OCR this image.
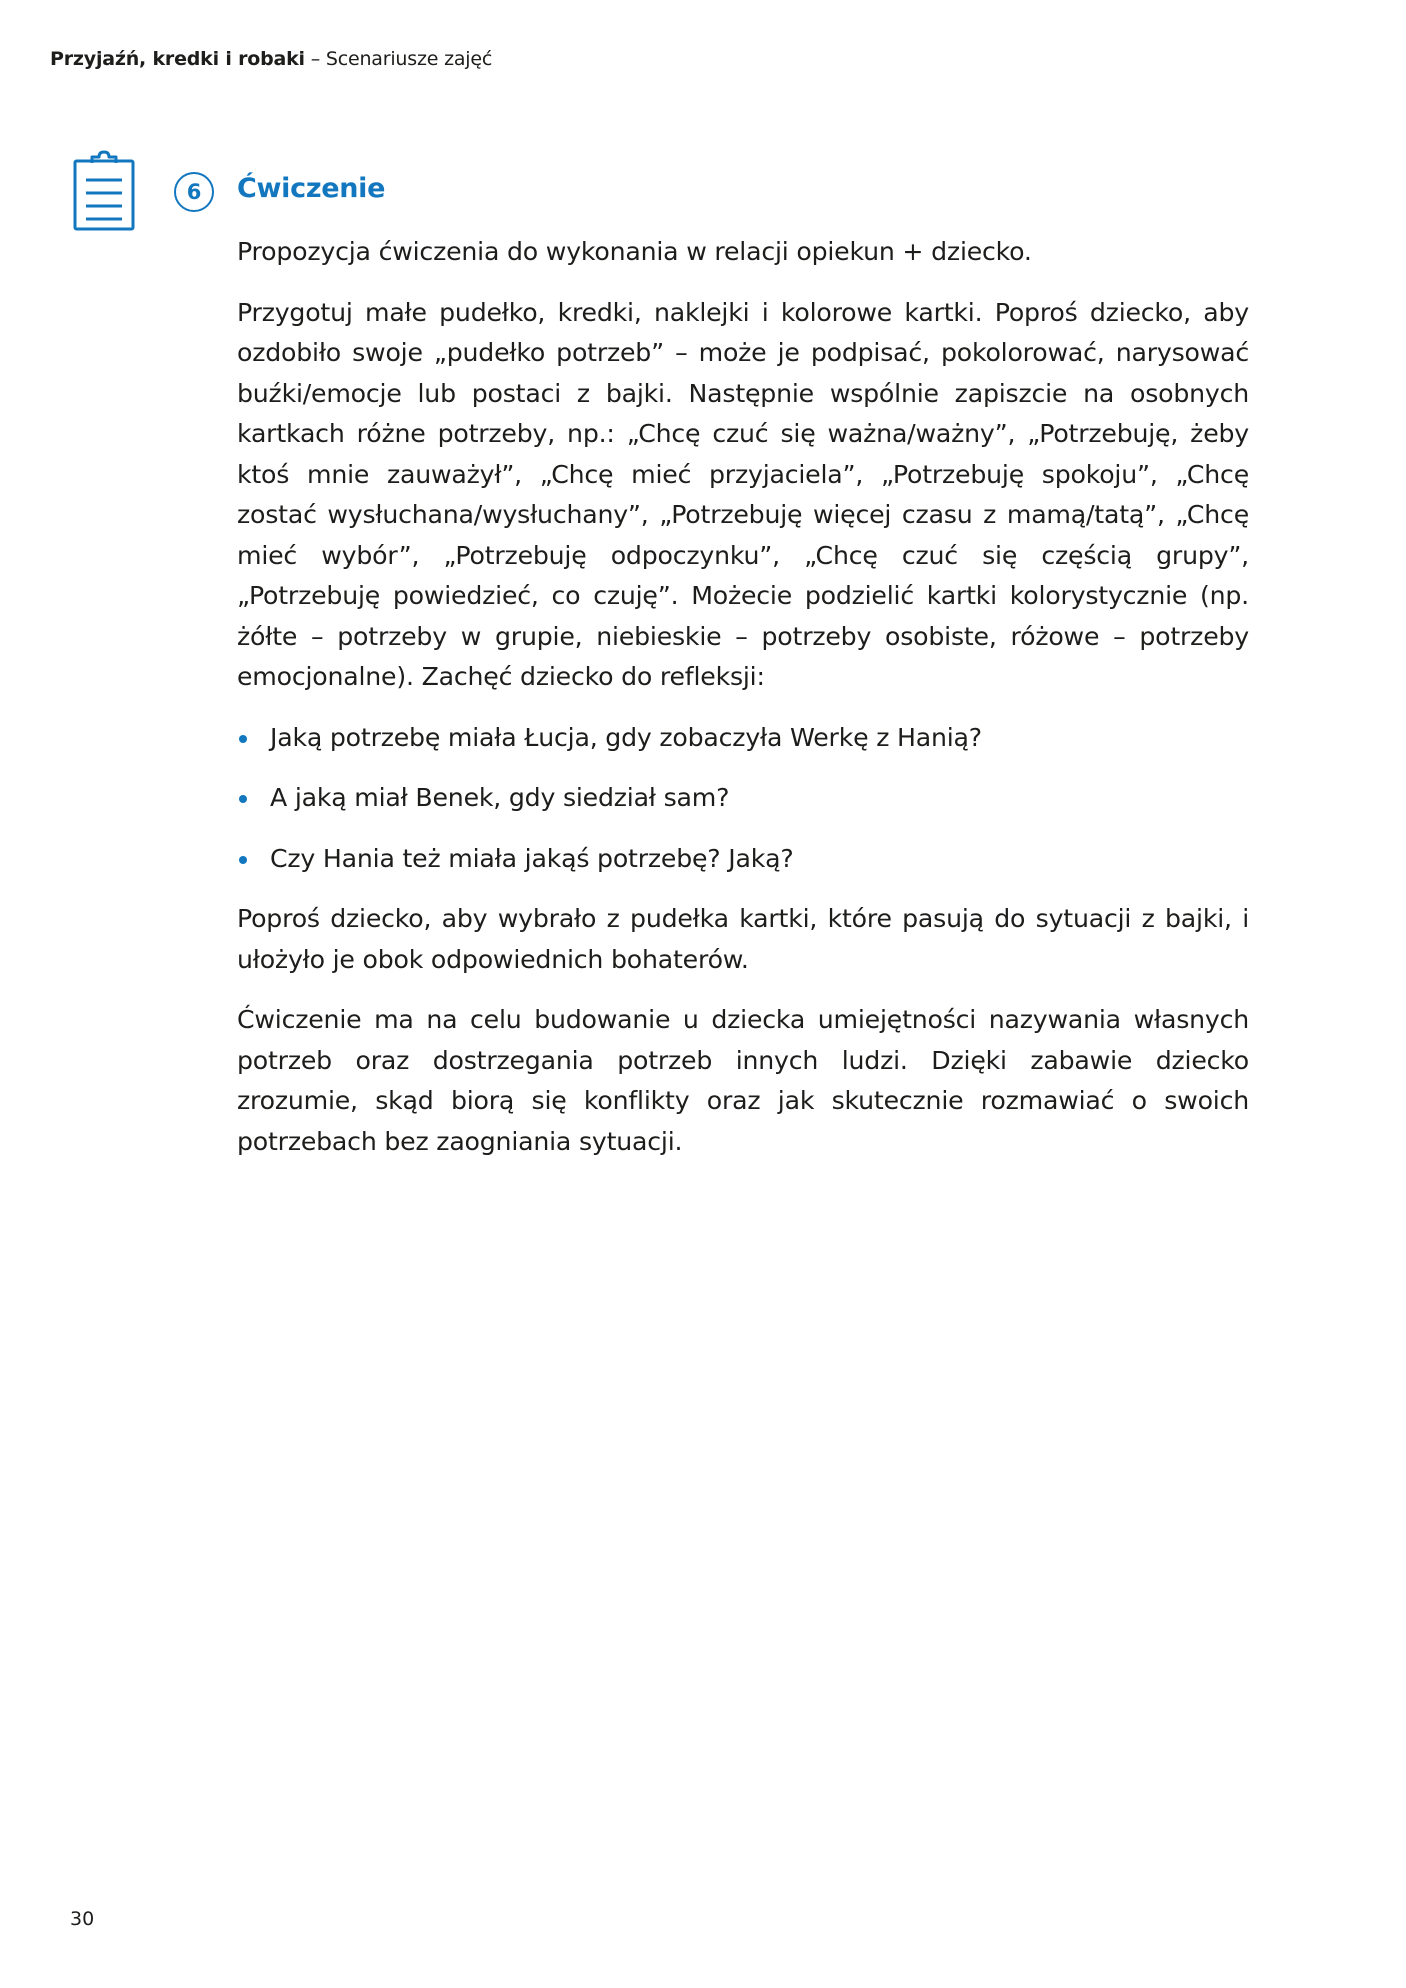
Przyjaźń, kredki i robaki – Scenariusze zajęć
6	Ćwiczenie

Propozycja ćwiczenia do wykonania w relacji opiekun + dziecko.

Przygotuj małe pudełko, kredki, naklejki i kolorowe kartki. Poproś dziecko, aby ozdobiło swoje „pudełko potrzeb” – może je podpisać, pokolorować, narysować buźki/emocje lub postaci z bajki. Następnie wspólnie zapiszcie na osobnych kartkach różne potrzeby, np.: „Chcę czuć się ważna/ważny”, „Potrzebuję, żeby ktoś mnie zauważył”, „Chcę mieć przyjaciela”, „Potrzebuję spokoju”, „Chcę zostać wysłuchana/wysłuchany”, „Potrzebuję więcej czasu z mamą/tatą”, „Chcę mieć wybór”, „Potrzebuję odpoczynku”, „Chcę czuć się częścią grupy”, „Potrzebuję powiedzieć, co czuję”. Możecie podzielić kartki kolorystycznie (np. żółte – potrzeby w grupie, niebieskie – potrzeby osobiste, różowe – potrzeby emocjonalne). Zachęć dziecko do refleksji:

Jaką potrzebę miała Łucja, gdy zobaczyła Werkę z Hanią?
A jaką miał Benek, gdy siedział sam?
Czy Hania też miała jakąś potrzebę? Jaką?

Poproś dziecko, aby wybrało z pudełka kartki, które pasują do sytuacji z bajki, i ułożyło je obok odpowiednich bohaterów.

Ćwiczenie ma na celu budowanie u dziecka umiejętności nazywania własnych potrzeb oraz dostrzegania potrzeb innych ludzi. Dzięki zabawie dziecko zrozumie, skąd biorą się konflikty oraz jak skutecznie rozmawiać o swoich potrzebach bez zaogniania sytuacji.

30
